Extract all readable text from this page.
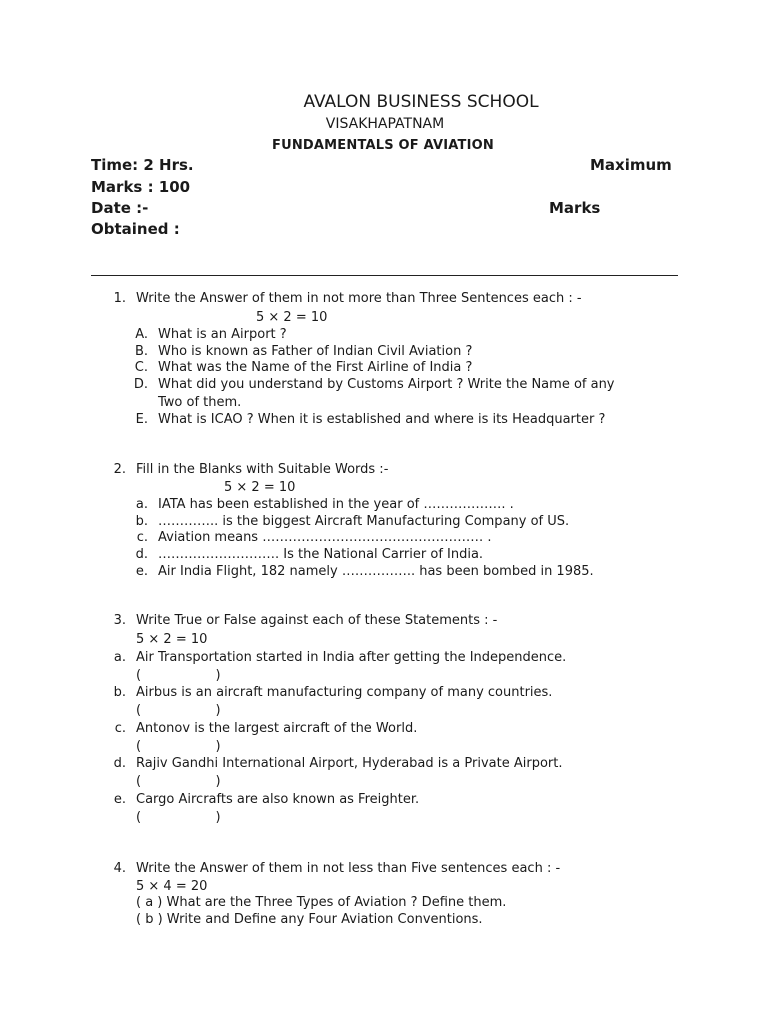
AVALON BUSINESS SCHOOL
VISAKHAPATNAM
FUNDAMENTALS OF AVIATION
Time: 2 Hrs.	Maximum
Marks : 100
Date :-	Marks
Obtained :
1. Write the Answer of them in not more than Three Sentences each : -
5 × 2 = 10
A. What is an Airport ?
B. Who is known as Father of Indian Civil Aviation ?
C. What was the Name of the First Airline of India ?
D. What did you understand by Customs Airport ? Write the Name of any
Two of them.
E. What is ICAO ? When it is established and where is its Headquarter ?
2. Fill in the Blanks with Suitable Words :-
5 × 2 = 10
a. IATA has been established in the year of ………………. .
b. ………….. is the biggest Aircraft Manufacturing Company of US.
c. Aviation means …………………………………………… .
d. ………………………. Is the National Carrier of India.
e. Air India Flight, 182 namely …………….. has been bombed in 1985.
3. Write True or False against each of these Statements : -
5 × 2 = 10
a. Air Transportation started in India after getting the Independence.
(                  )
b. Airbus is an aircraft manufacturing company of many countries.
(                  )
c. Antonov is the largest aircraft of the World.
(                  )
d. Rajiv Gandhi International Airport, Hyderabad is a Private Airport.
(                  )
e. Cargo Aircrafts are also known as Freighter.
(                  )
4. Write the Answer of them in not less than Five sentences each : -
5 × 4 = 20
( a ) What are the Three Types of Aviation ? Define them.
( b ) Write and Define any Four Aviation Conventions.
